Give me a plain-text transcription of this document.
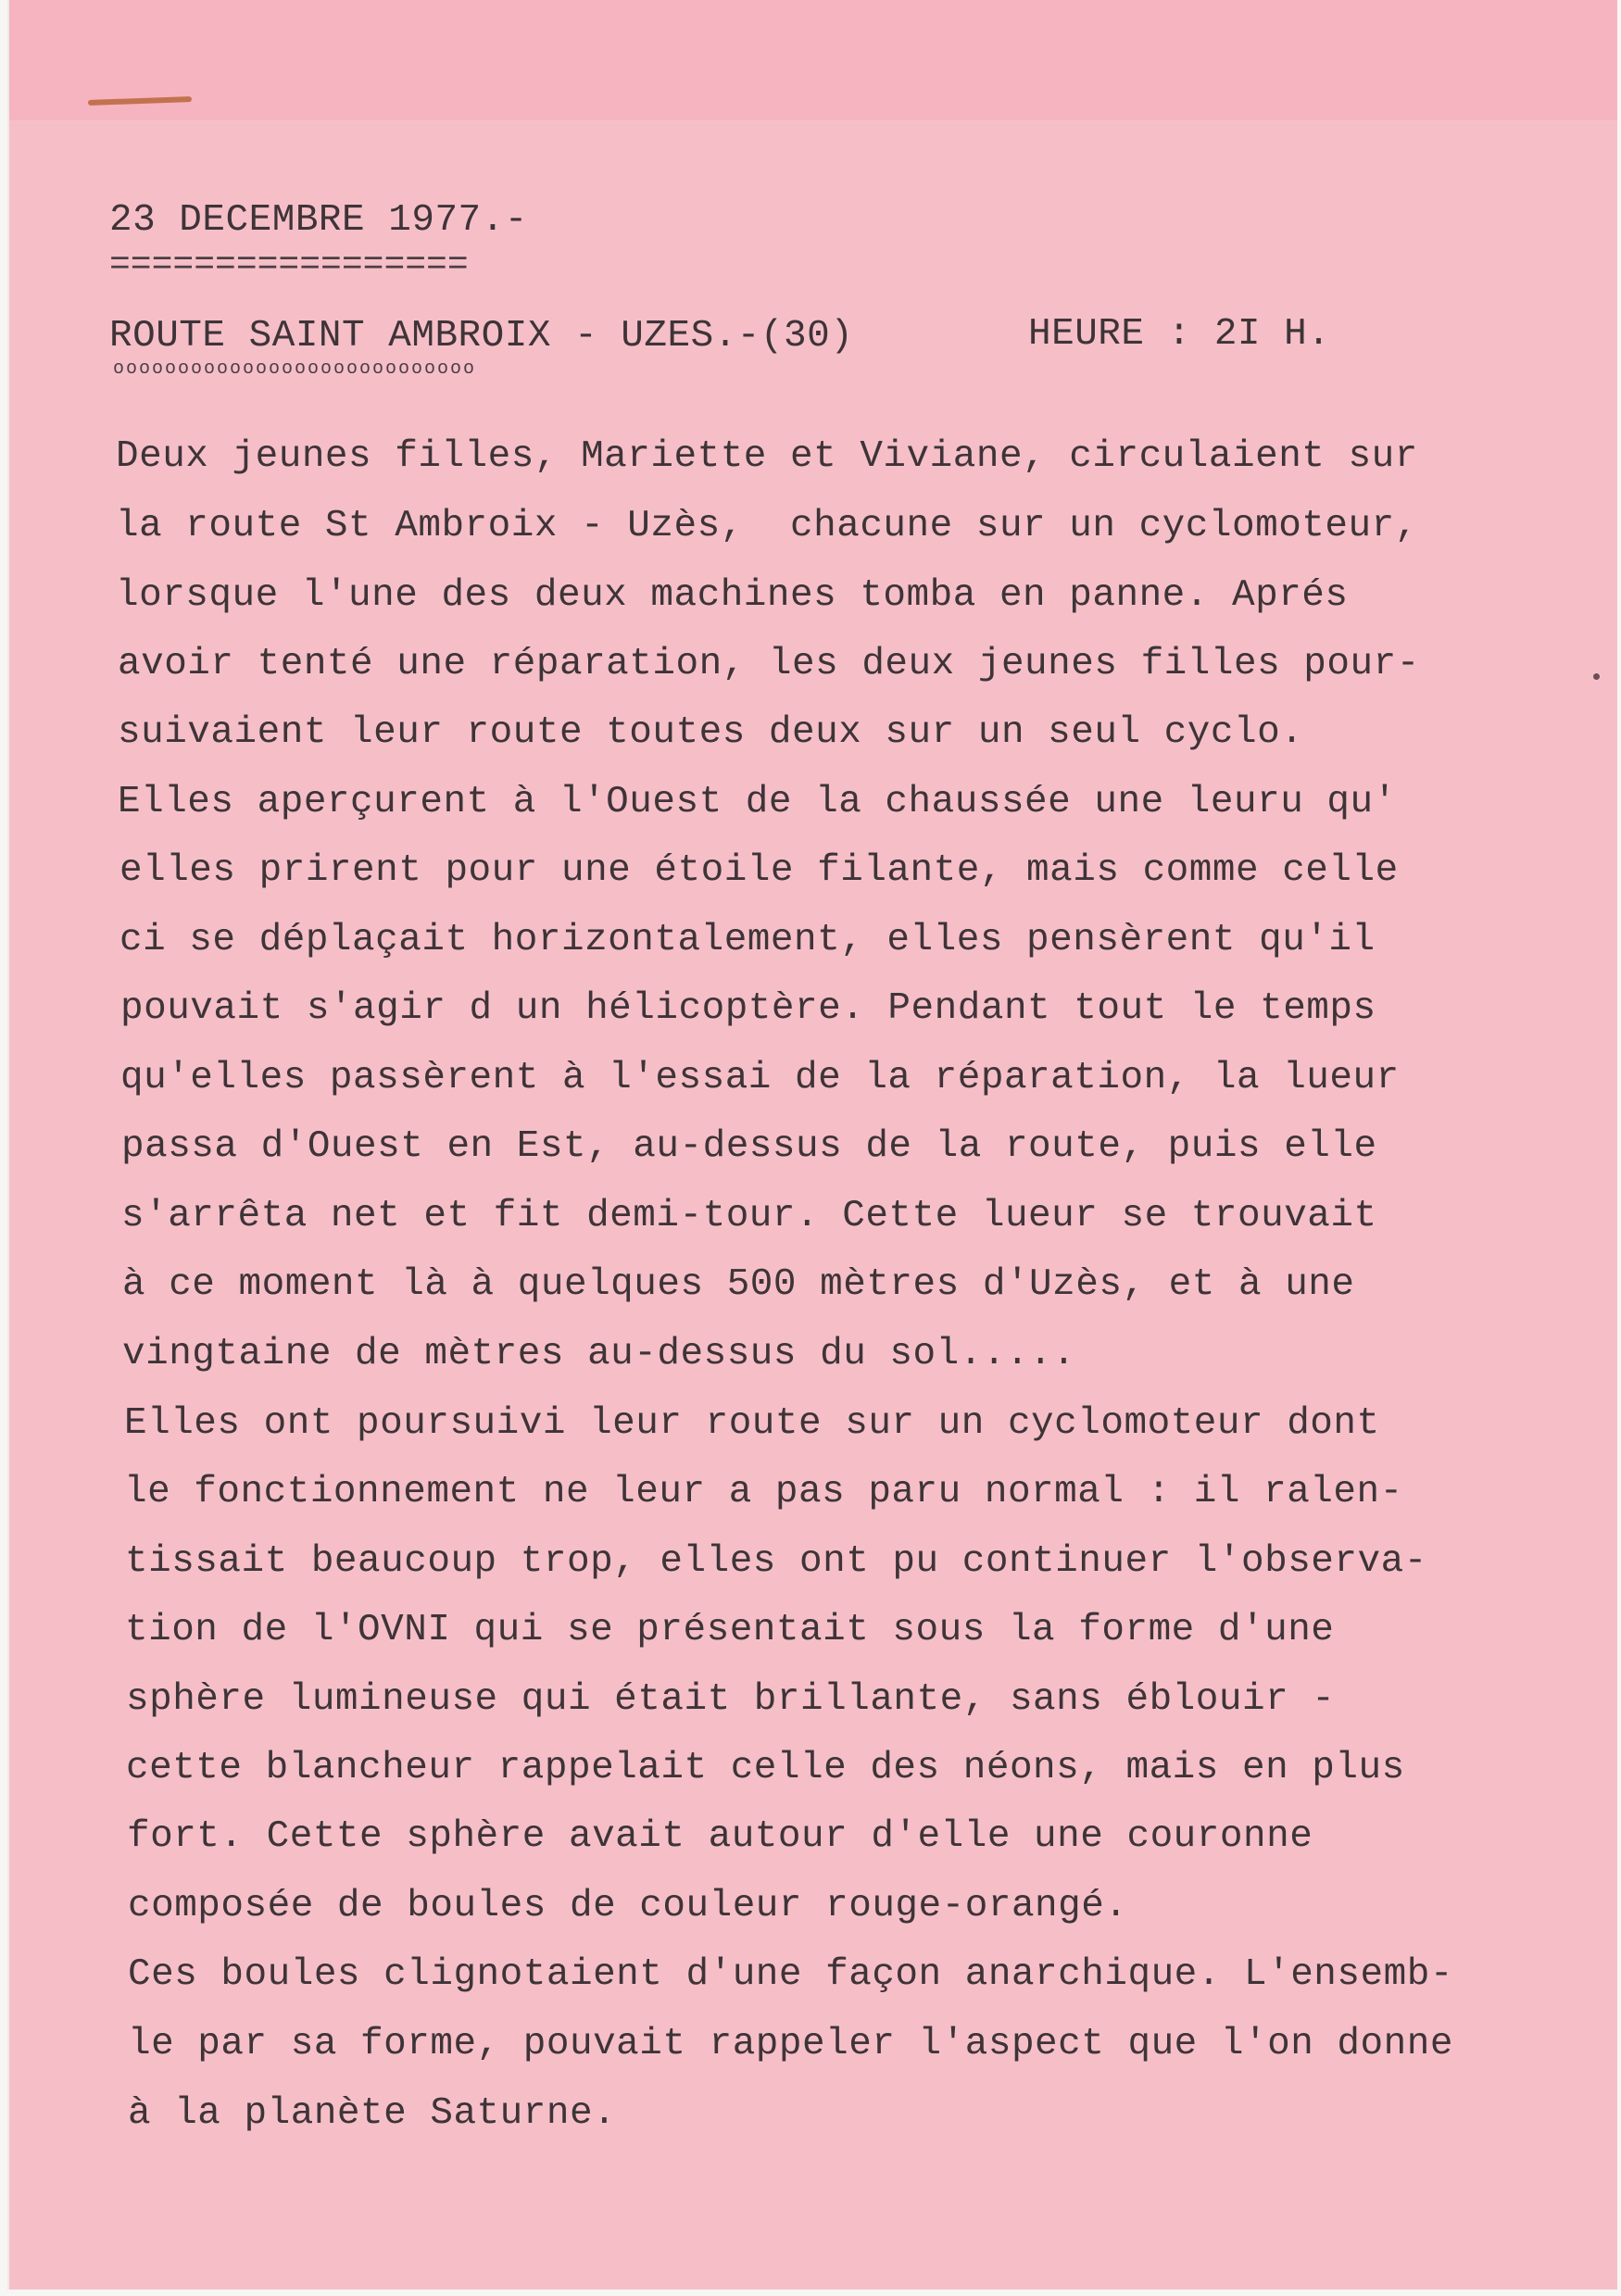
23 DECEMBRE 1977.-
=================
ROUTE SAINT AMBROIX - UZES.-(30)	HEURE : 2I H.
oooooooooooooooooooooooooooo
Deux jeunes filles, Mariette et Viviane, circulaient sur
la route St Ambroix - Uzès,  chacune sur un cyclomoteur,
lorsque l'une des deux machines tomba en panne. Aprés
avoir tenté une réparation, les deux jeunes filles pour-
suivaient leur route toutes deux sur un seul cyclo.
Elles aperçurent à l'Ouest de la chaussée une leuru qu'
elles prirent pour une étoile filante, mais comme celle
ci se déplaçait horizontalement, elles pensèrent qu'il
pouvait s'agir d un hélicoptère. Pendant tout le temps
qu'elles passèrent à l'essai de la réparation, la lueur
passa d'Ouest en Est, au-dessus de la route, puis elle
s'arrêta net et fit demi-tour. Cette lueur se trouvait
à ce moment là à quelques 500 mètres d'Uzès, et à une
vingtaine de mètres au-dessus du sol.....
Elles ont poursuivi leur route sur un cyclomoteur dont
le fonctionnement ne leur a pas paru normal : il ralen-
tissait beaucoup trop, elles ont pu continuer l'observa-
tion de l'OVNI qui se présentait sous la forme d'une
sphère lumineuse qui était brillante, sans éblouir -
cette blancheur rappelait celle des néons, mais en plus
fort. Cette sphère avait autour d'elle une couronne
composée de boules de couleur rouge-orangé.
Ces boules clignotaient d'une façon anarchique. L'ensemb-
le par sa forme, pouvait rappeler l'aspect que l'on donne
à la planète Saturne.
